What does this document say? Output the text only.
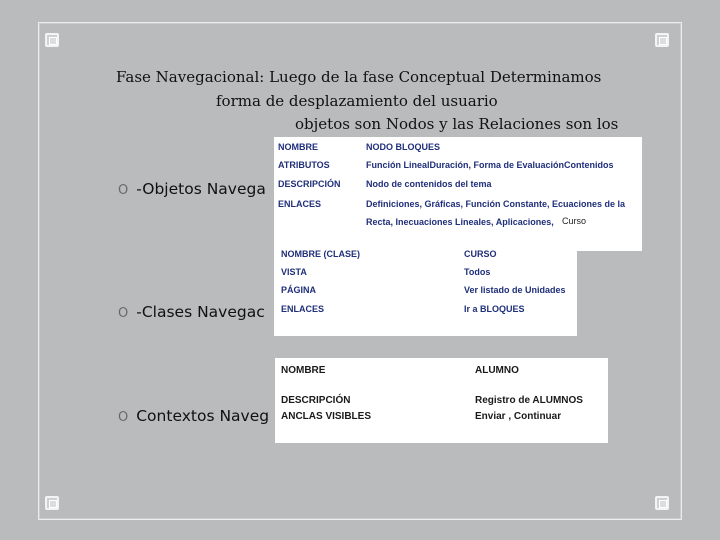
Fase Navegacional: Luego de la fase Conceptual Determinamos
forma de desplazamiento del usuario
objetos son Nodos y las Relaciones son los
O -Objetos Navega
O -Clases Navegac
O Contextos Naveg
NOMBRE
ATRIBUTOS
DESCRIPCIÓN
ENLACES
NODO BLOQUES
Función LinealDuración, Forma de EvaluaciónContenidos
Nodo de contenidos del tema
Definiciones, Gráficas, Función Constante, Ecuaciones de la
Recta, Inecuaciones Lineales, Aplicaciones, Curso
NOMBRE (CLASE)
VISTA
PÁGINA
ENLACES
CURSO
Todos
Ver listado de Unidades
Ir a BLOQUES
NOMBRE
DESCRIPCIÓN
ANCLAS VISIBLES
ALUMNO
Registro de ALUMNOS
Enviar , Continuar
